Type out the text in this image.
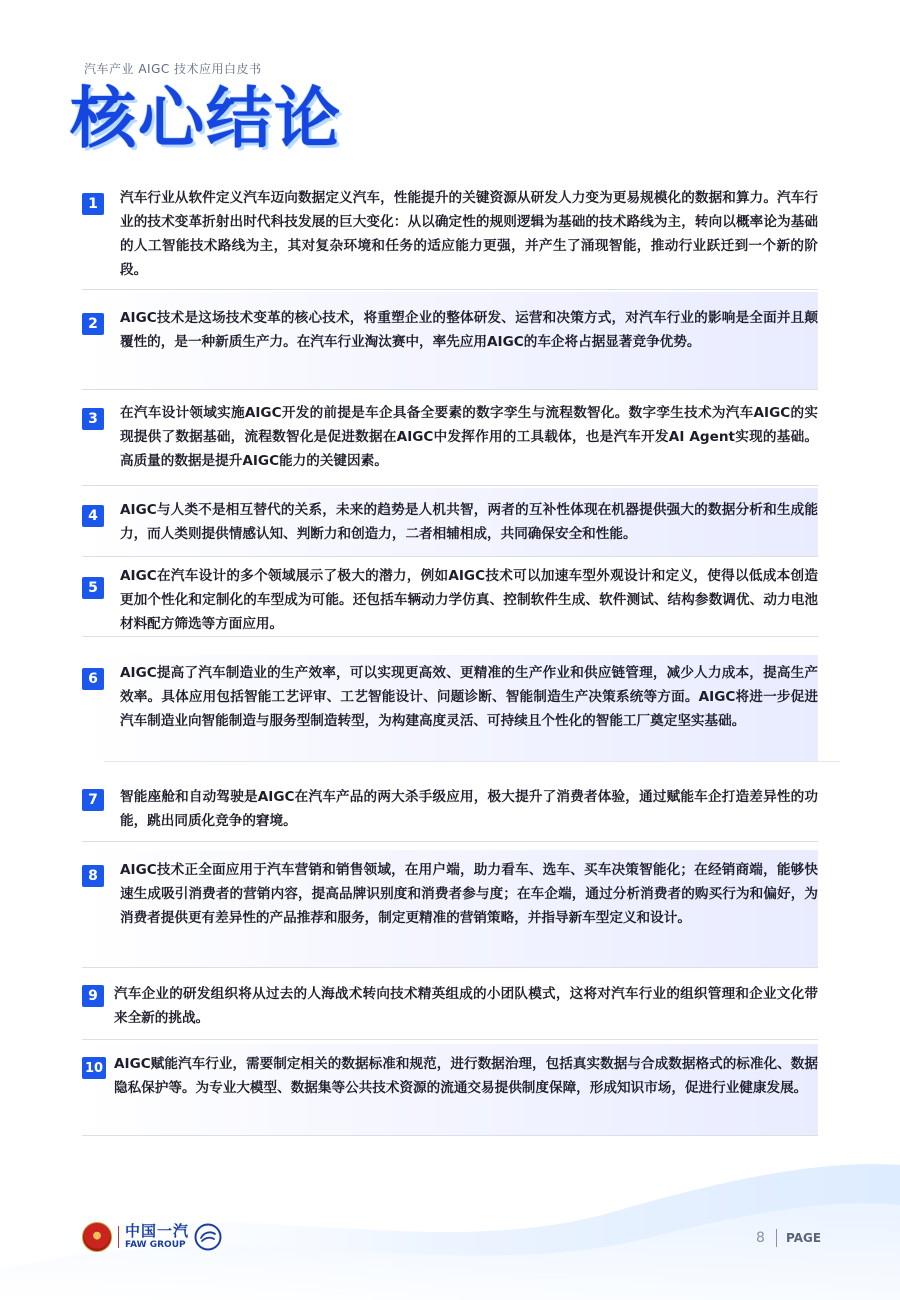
汽车产业 AIGC 技术应用白皮书
核心结论
1	汽车行业从软件定义汽车迈向数据定义汽车，性能提升的关键资源从研发人力变为更易规模化的数据和算力。汽车行业的技术变革折射出时代科技发展的巨大变化：从以确定性的规则逻辑为基础的技术路线为主，转向以概率论为基础的人工智能技术路线为主，其对复杂环境和任务的适应能力更强，并产生了涌现智能，推动行业跃迁到一个新的阶段。
2	AIGC技术是这场技术变革的核心技术，将重塑企业的整体研发、运营和决策方式，对汽车行业的影响是全面并且颠覆性的，是一种新质生产力。在汽车行业淘汰赛中，率先应用AIGC的车企将占据显著竞争优势。
3	在汽车设计领域实施AIGC开发的前提是车企具备全要素的数字孪生与流程数智化。数字孪生技术为汽车AIGC的实现提供了数据基础，流程数智化是促进数据在AIGC中发挥作用的工具载体，也是汽车开发AI Agent实现的基础。高质量的数据是提升AIGC能力的关键因素。
4	AIGC与人类不是相互替代的关系，未来的趋势是人机共智，两者的互补性体现在机器提供强大的数据分析和生成能力，而人类则提供情感认知、判断力和创造力，二者相辅相成，共同确保安全和性能。
5
AIGC在汽车设计的多个领域展示了极大的潜力，例如AIGC技术可以加速车型外观设计和定义，使得以低成本创造更加个性化和定制化的车型成为可能。还包括车辆动力学仿真、控制软件生成、软件测试、结构参数调优、动力电池材料配方筛选等方面应用。
6	AIGC提高了汽车制造业的生产效率，可以实现更高效、更精准的生产作业和供应链管理，减少人力成本，提高生产效率。具体应用包括智能工艺评审、工艺智能设计、问题诊断、智能制造生产决策系统等方面。AIGC将进一步促进汽车制造业向智能制造与服务型制造转型，为构建高度灵活、可持续且个性化的智能工厂奠定坚实基础。
7	智能座舱和自动驾驶是AIGC在汽车产品的两大杀手级应用，极大提升了消费者体验，通过赋能车企打造差异性的功能，跳出同质化竞争的窘境。
8	AIGC技术正全面应用于汽车营销和销售领域，在用户端，助力看车、选车、买车决策智能化；在经销商端，能够快速生成吸引消费者的营销内容，提高品牌识别度和消费者参与度；在车企端，通过分析消费者的购买行为和偏好，为消费者提供更有差异性的产品推荐和服务，制定更精准的营销策略，并指导新车型定义和设计。
9	汽车企业的研发组织将从过去的人海战术转向技术精英组成的小团队模式，这将对汽车行业的组织管理和企业文化带来全新的挑战。
10 AIGC赋能汽车行业，需要制定相关的数据标准和规范，进行数据治理，包括真实数据与合成数据格式的标准化、数据隐私保护等。为专业大模型、数据集等公共技术资源的流通交易提供制度保障，形成知识市场，促进行业健康发展。
中国一汽
FAW GROUP	8 PAGE
